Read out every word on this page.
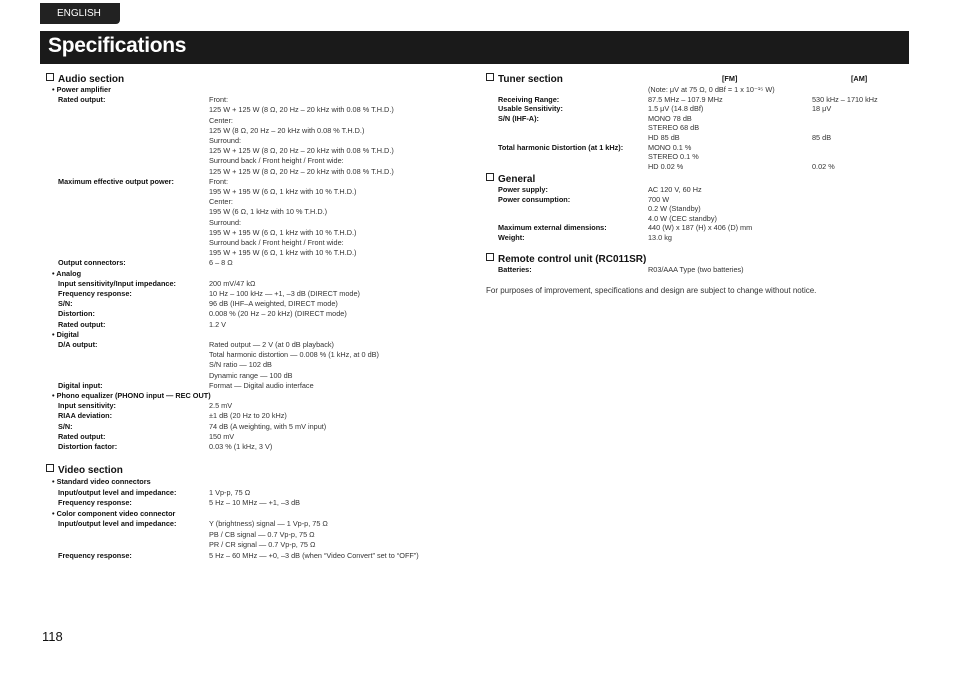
ENGLISH
Specifications
Audio section
• Power amplifier
Rated output:	Front:
125 W + 125 W (8 Ω, 20 Hz – 20 kHz with 0.08 % T.H.D.)
Center:
125 W (8 Ω, 20 Hz – 20 kHz with 0.08 % T.H.D.)
Surround:
125 W + 125 W (8 Ω, 20 Hz – 20 kHz with 0.08 % T.H.D.)
Surround back / Front height / Front wide:
125 W + 125 W (8 Ω, 20 Hz – 20 kHz with 0.08 % T.H.D.)
Maximum effective output power:	Front:
195 W + 195 W (6 Ω, 1 kHz with 10 % T.H.D.)
Center:
195 W (6 Ω, 1 kHz with 10 % T.H.D.)
Surround:
195 W + 195 W (6 Ω, 1 kHz with 10 % T.H.D.)
Surround back / Front height / Front wide:
195 W + 195 W (6 Ω, 1 kHz with 10 % T.H.D.)
Output connectors:	6 – 8 Ω
• Analog
Input sensitivity/Input impedance:	200 mV/47 kΩ
Frequency response:	10 Hz – 100 kHz — +1, –3 dB (DIRECT mode)
S/N:	96 dB (IHF–A weighted, DIRECT mode)
Distortion:	0.008 % (20 Hz – 20 kHz) (DIRECT mode)
Rated output:	1.2 V
• Digital
D/A output:	Rated output — 2 V (at 0 dB playback)
Total harmonic distortion — 0.008 % (1 kHz, at 0 dB)
S/N ratio — 102 dB
Dynamic range — 100 dB
Digital input:	Format — Digital audio interface
• Phono equalizer (PHONO input — REC OUT)
Input sensitivity:	2.5 mV
RIAA deviation:	±1 dB (20 Hz to 20 kHz)
S/N:	74 dB (A weighting, with 5 mV input)
Rated output:	150 mV
Distortion factor:	0.03 % (1 kHz, 3 V)
Video section
• Standard video connectors
Input/output level and impedance:	1 Vp-p, 75 Ω
Frequency response:	5 Hz – 10 MHz — +1, –3 dB
• Color component video connector
Input/output level and impedance:	Y (brightness) signal — 1 Vp-p, 75 Ω
PB / CB signal — 0.7 Vp-p, 75 Ω
PR / CR signal — 0.7 Vp-p, 75 Ω
Frequency response:	5 Hz – 60 MHz — +0, –3 dB (when “Video Convert” set to “OFF”)
Tuner section	[FM]	[AM]
(Note: μV at 75 Ω, 0 dBf = 1 x 10⁻¹⁵ W)
Receiving Range:	87.5 MHz – 107.9 MHz	530 kHz – 1710 kHz
Usable Sensitivity:	1.5 μV (14.8 dBf)	18 μV
S/N (IHF-A):	MONO 78 dB
STEREO 68 dB
HD 85 dB	85 dB
Total harmonic Distortion (at 1 kHz):	MONO 0.1 %
STEREO 0.1 %
HD 0.02 %	0.02 %
General
Power supply:	AC 120 V, 60 Hz
Power consumption:	700 W
0.2 W (Standby)
4.0 W (CEC standby)
Maximum external dimensions:	440 (W) x 187 (H) x 406 (D) mm
Weight:	13.0 kg
Remote control unit (RC011SR)
Batteries:	R03/AAA Type (two batteries)
For purposes of improvement, specifications and design are subject to change without notice.
118
